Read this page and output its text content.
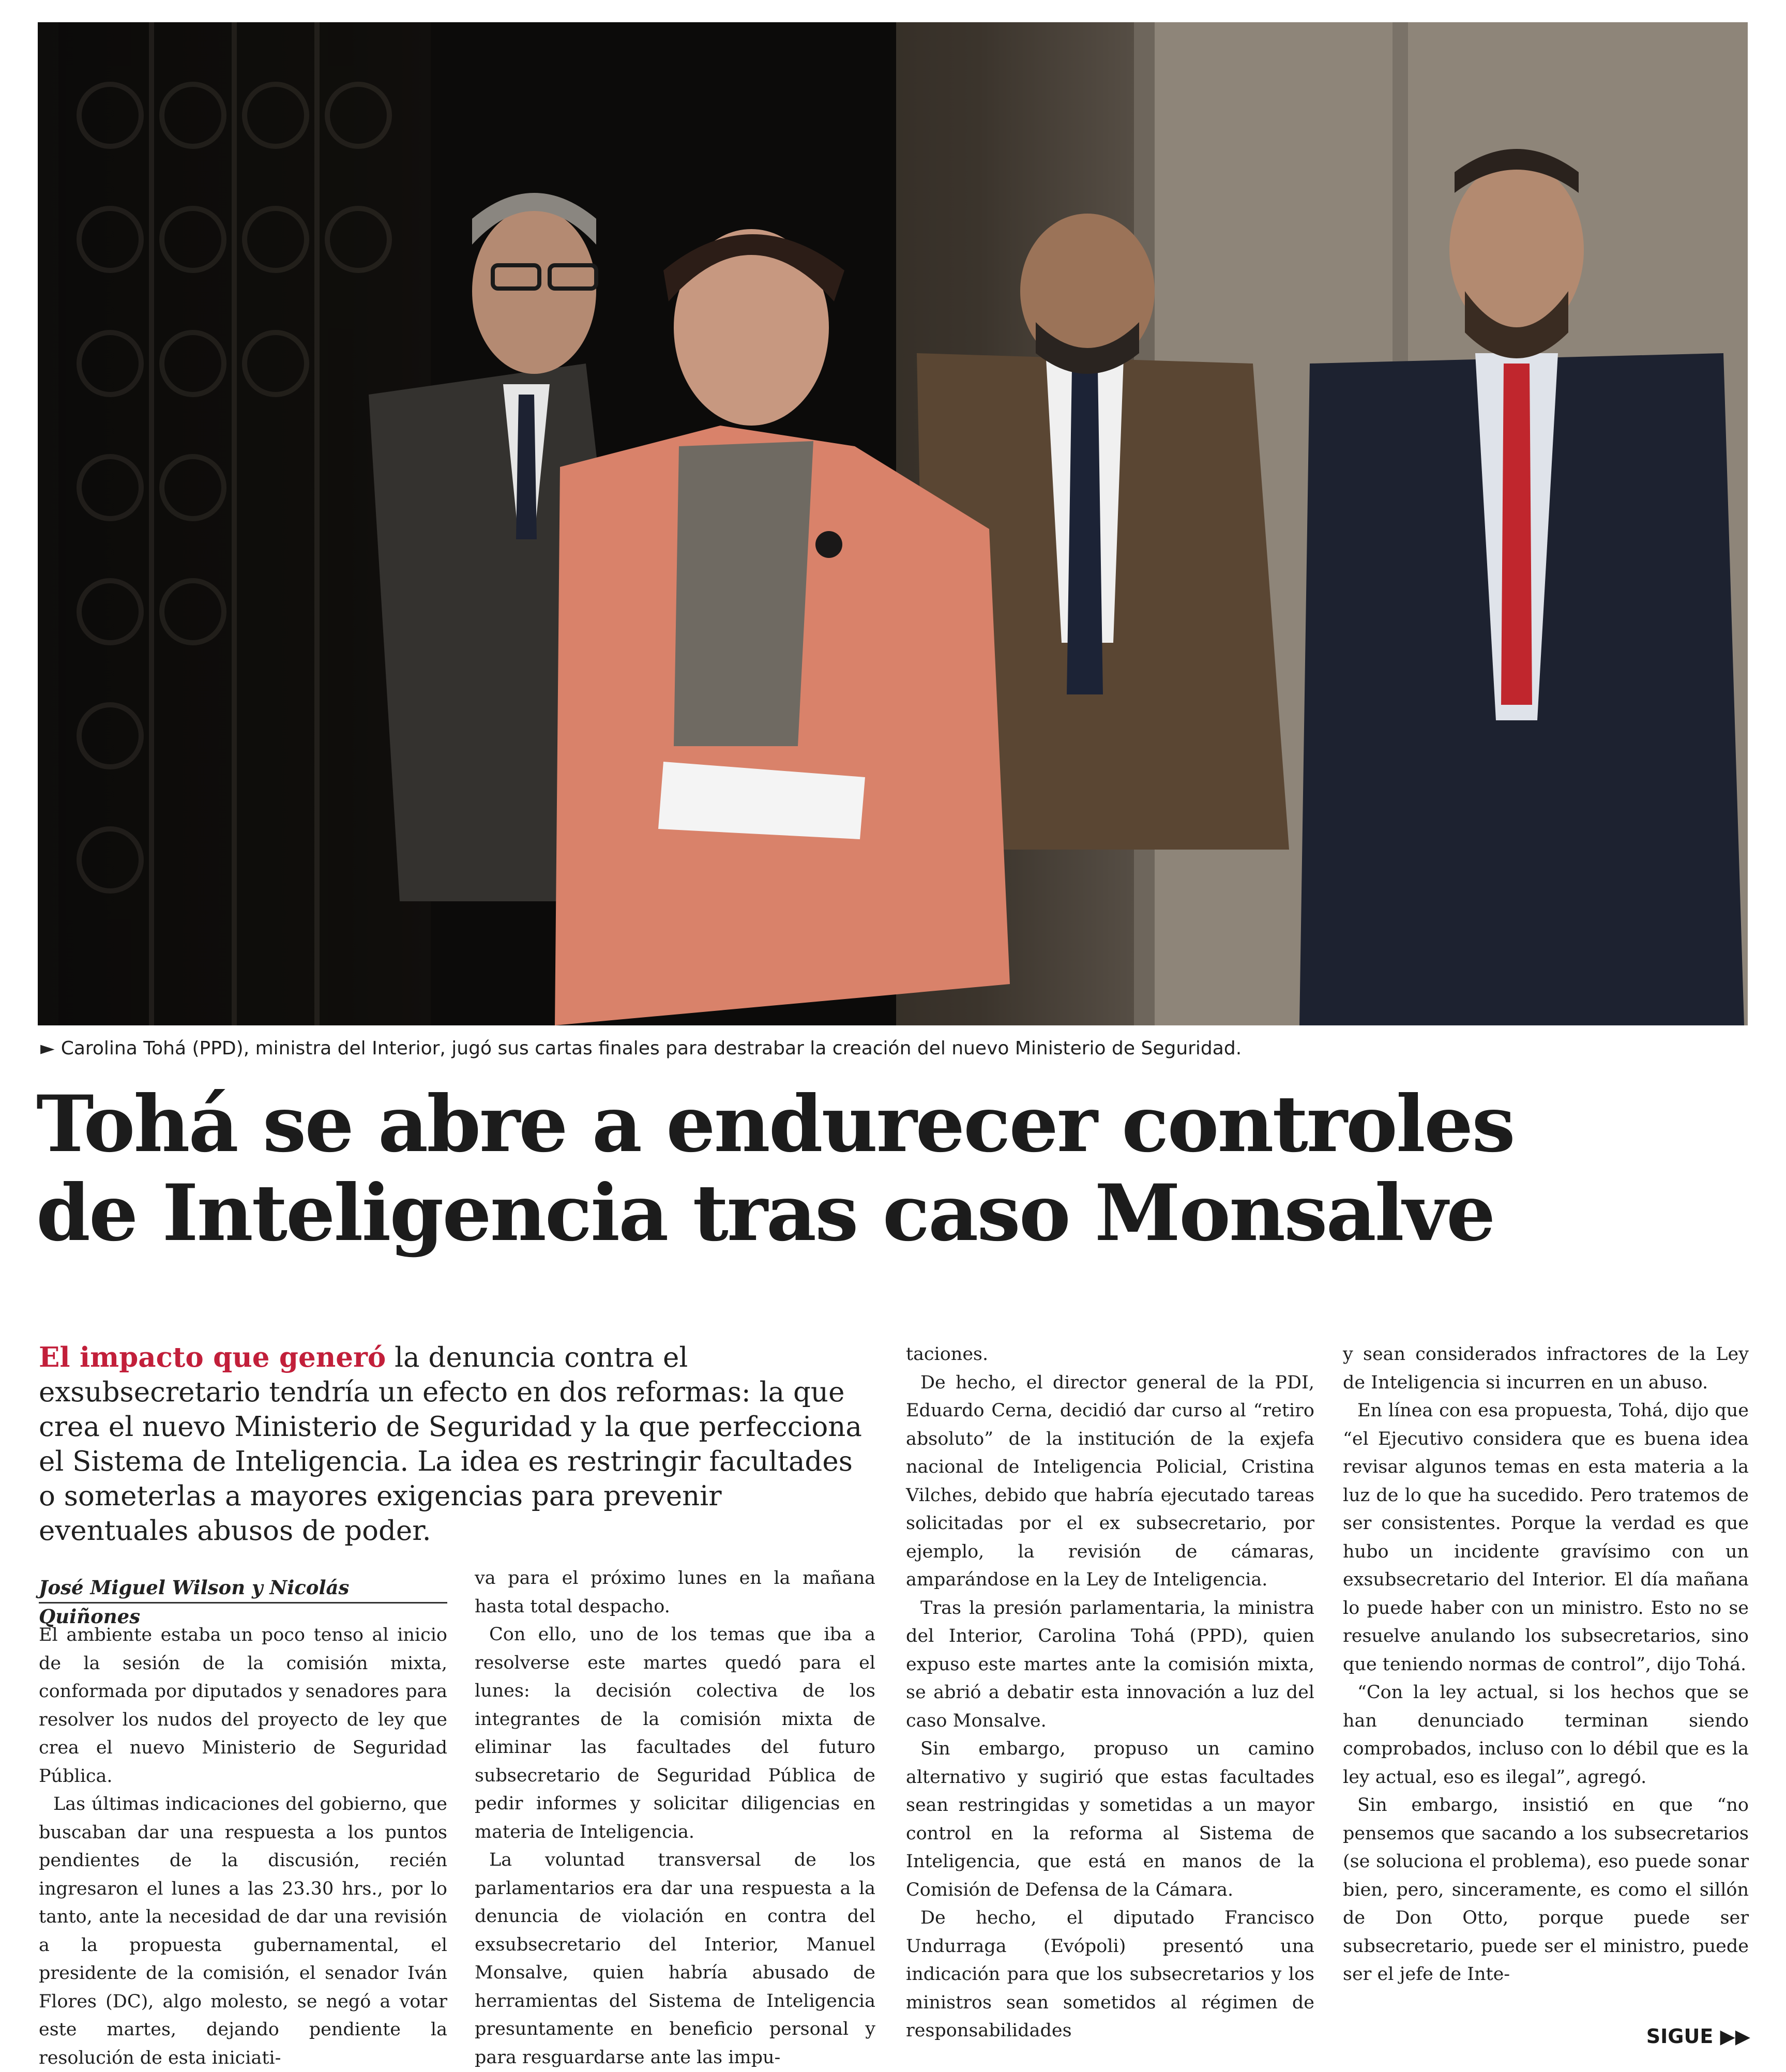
► Carolina Tohá (PPD), ministra del Interior, jugó sus cartas finales para destrabar la creación del nuevo Ministerio de Seguridad.
Tohá se abre a endurecer controles
de Inteligencia tras caso Monsalve
El impacto que generó la denuncia contra el exsubsecretario tendría un efecto en dos reformas: la que crea el nuevo Ministerio de Seguridad y la que perfecciona el Sistema de Inteligencia. La idea es restringir facultades o someterlas a mayores exigencias para prevenir eventuales abusos de poder.
José Miguel Wilson y Nicolás Quiñones

El ambiente estaba un poco tenso al inicio de la sesión de la comisión mixta, conformada por diputados y senadores para resolver los nudos del proyecto de ley que crea el nuevo Ministerio de Seguridad Pública.

Las últimas indicaciones del gobierno, que buscaban dar una respuesta a los puntos pendientes de la discusión, recién ingresaron el lunes a las 23.30 hrs., por lo tanto, ante la necesidad de dar una revisión a la propuesta gubernamental, el presidente de la comisión, el senador Iván Flores (DC), algo molesto, se negó a votar este martes, dejando pendiente la resolución de esta iniciati-

va para el próximo lunes en la mañana hasta total despacho.

Con ello, uno de los temas que iba a resolverse este martes quedó para el lunes: la decisión colectiva de los integrantes de la comisión mixta de eliminar las facultades del futuro subsecretario de Seguridad Pública de pedir informes y solicitar diligencias en materia de Inteligencia.

La voluntad transversal de los parlamentarios era dar una respuesta a la denuncia de violación en contra del exsubsecretario del Interior, Manuel Monsalve, quien habría abusado de herramientas del Sistema de Inteligencia presuntamente en beneficio personal y para resguardarse ante las impu-

taciones.

De hecho, el director general de la PDI, Eduardo Cerna, decidió dar curso al “retiro absoluto” de la institución de la exjefa nacional de Inteligencia Policial, Cristina Vilches, debido que habría ejecutado tareas solicitadas por el ex subsecretario, por ejemplo, la revisión de cámaras, amparándose en la Ley de Inteligencia.

Tras la presión parlamentaria, la ministra del Interior, Carolina Tohá (PPD), quien expuso este martes ante la comisión mixta, se abrió a debatir esta innovación a luz del caso Monsalve.

Sin embargo, propuso un camino alternativo y sugirió que estas facultades sean restringidas y sometidas a un mayor control en la reforma al Sistema de Inteligencia, que está en manos de la Comisión de Defensa de la Cámara.

De hecho, el diputado Francisco Undurraga (Evópoli) presentó una indicación para que los subsecretarios y los ministros sean sometidos al régimen de responsabilidades

y sean considerados infractores de la Ley de Inteligencia si incurren en un abuso.

En línea con esa propuesta, Tohá, dijo que “el Ejecutivo considera que es buena idea revisar algunos temas en esta materia a la luz de lo que ha sucedido. Pero tratemos de ser consistentes. Porque la verdad es que hubo un incidente gravísimo con un exsubsecretario del Interior. El día mañana lo puede haber con un ministro. Esto no se resuelve anulando los subsecretarios, sino que teniendo normas de control”, dijo Tohá.

“Con la ley actual, si los hechos que se han denunciado terminan siendo comprobados, incluso con lo débil que es la ley actual, eso es ilegal”, agregó.

Sin embargo, insistió en que “no pensemos que sacando a los subsecretarios (se soluciona el problema), eso puede sonar bien, pero, sinceramente, es como el sillón de Don Otto, porque puede ser subsecretario, puede ser el ministro, puede ser el jefe de Inte-

SIGUE ▶▶
